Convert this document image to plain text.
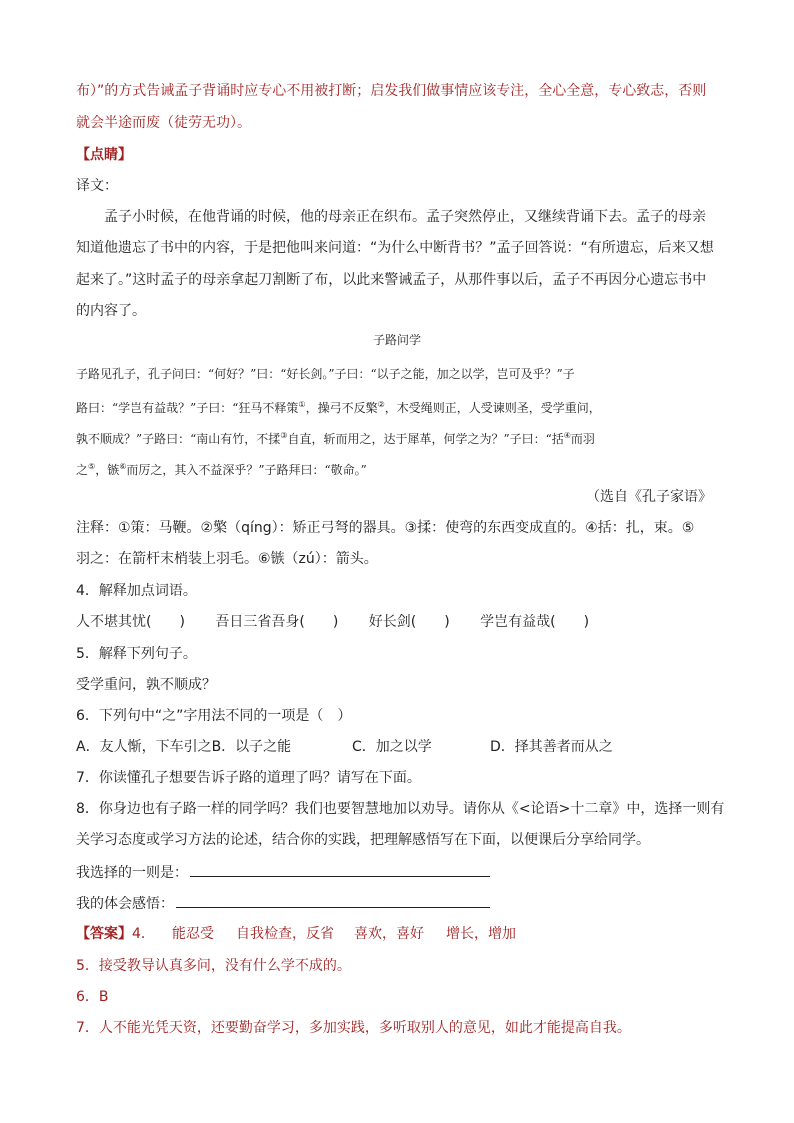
布）”的方式告诫孟子背诵时应专心不用被打断；启发我们做事情应该专注，全心全意，专心致志，否则
就会半途而废（徒劳无功）。
【点睛】
译文：
孟子小时候，在他背诵的时候，他的母亲正在织布。孟子突然停止，又继续背诵下去。孟子的母亲
知道他遗忘了书中的内容，于是把他叫来问道：“为什么中断背书？”孟子回答说：“有所遗忘，后来又想
起来了。”这时孟子的母亲拿起刀割断了布，以此来警诫孟子，从那件事以后，孟子不再因分心遗忘书中
的内容了。
子路问学
子路见孔子，孔子问曰：“何好？”曰：“好长剑。”子曰：“以子之能，加之以学，岂可及乎？”子
路曰：“学岂有益哉？”子曰：“狂马不释策①，操弓不反檠②，木受绳则正，人受谏则圣，受学重问，
孰不顺成？”子路曰：“南山有竹，不揉③自直，斩而用之，达于犀革，何学之为？”子曰：“括④而羽
之⑤，镞⑥而厉之，其入不益深乎？”子路拜曰：“敬命。”
（选自《孔子家语》
注释：①策：马鞭。②檠（qíng）：矫正弓弩的器具。③揉：使弯的东西变成直的。④括：扎，束。⑤
羽之：在箭杆末梢装上羽毛。⑥镞（zú）：箭头。
4．解释加点词语。
人不堪其忧(　　) 吾日三省吾身(　　) 好长剑(　　) 学岂有益哉(　　)
5．解释下列句子。
受学重问，孰不顺成？
6．下列句中“之”字用法不同的一项是（　）
A．友人惭，下车引之B．以子之能	C．加之以学	D．择其善者而从之
7．你读懂孔子想要告诉子路的道理了吗？请写在下面。
8．你身边也有子路一样的同学吗？我们也要智慧地加以劝导。请你从《<论语>十二章》中，选择一则有
关学习态度或学习方法的论述，结合你的实践，把理解感悟写在下面，以便课后分享给同学。
我选择的一则是：
我的体会感悟：
【答案】4． 能忍受 自我检查，反省 喜欢，喜好 增长，增加
5．接受教导认真多问，没有什么学不成的。
6．B
7．人不能光凭天资，还要勤奋学习，多加实践，多听取别人的意见，如此才能提高自我。
